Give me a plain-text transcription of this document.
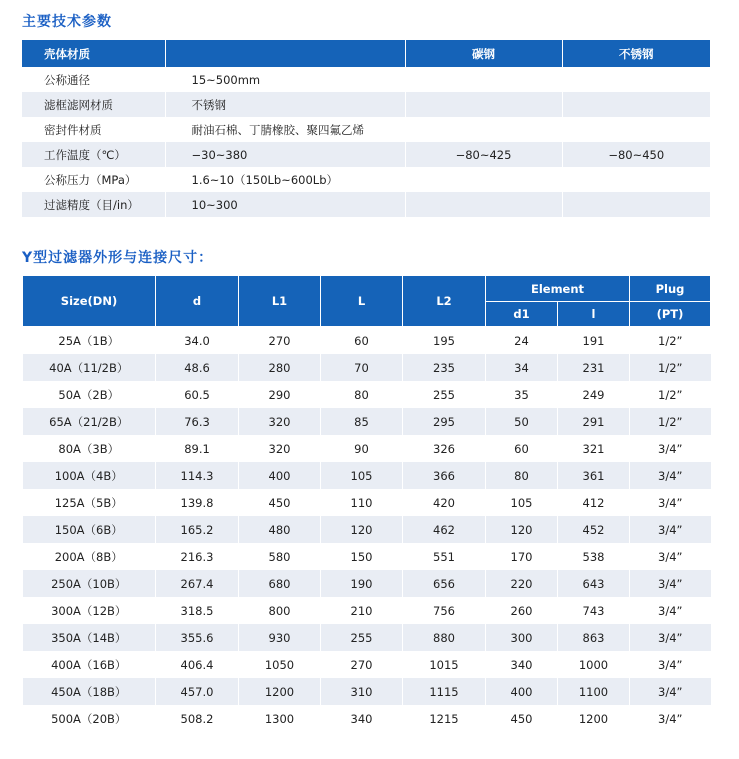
主要技术参数
壳体材质		碳钢	不锈钢
公称通径	15~500mm		
滤框滤网材质	不锈钢		
密封件材质	耐油石棉、丁腈橡胶、聚四氟乙烯		
工作温度（℃）	−30~380	−80~425	−80~450
公称压力（MPa）	1.6~10（150Lb~600Lb）		
过滤精度（目/in）	10~300		
Y型过滤器外形与连接尺寸：
Size(DN)	d	L1	L	L2	Element		Plug
					d1	l	(PT)
25A（1B）	34.0	270	60	195	24	191	1/2”
40A（11/2B）	48.6	280	70	235	34	231	1/2”
50A（2B）	60.5	290	80	255	35	249	1/2”
65A（21/2B）	76.3	320	85	295	50	291	1/2”
80A（3B）	89.1	320	90	326	60	321	3/4”
100A（4B）	114.3	400	105	366	80	361	3/4”
125A（5B）	139.8	450	110	420	105	412	3/4”
150A（6B）	165.2	480	120	462	120	452	3/4”
200A（8B）	216.3	580	150	551	170	538	3/4”
250A（10B）	267.4	680	190	656	220	643	3/4”
300A（12B）	318.5	800	210	756	260	743	3/4”
350A（14B）	355.6	930	255	880	300	863	3/4”
400A（16B）	406.4	1050	270	1015	340	1000	3/4”
450A（18B）	457.0	1200	310	1115	400	1100	3/4”
500A（20B）	508.2	1300	340	1215	450	1200	3/4”
